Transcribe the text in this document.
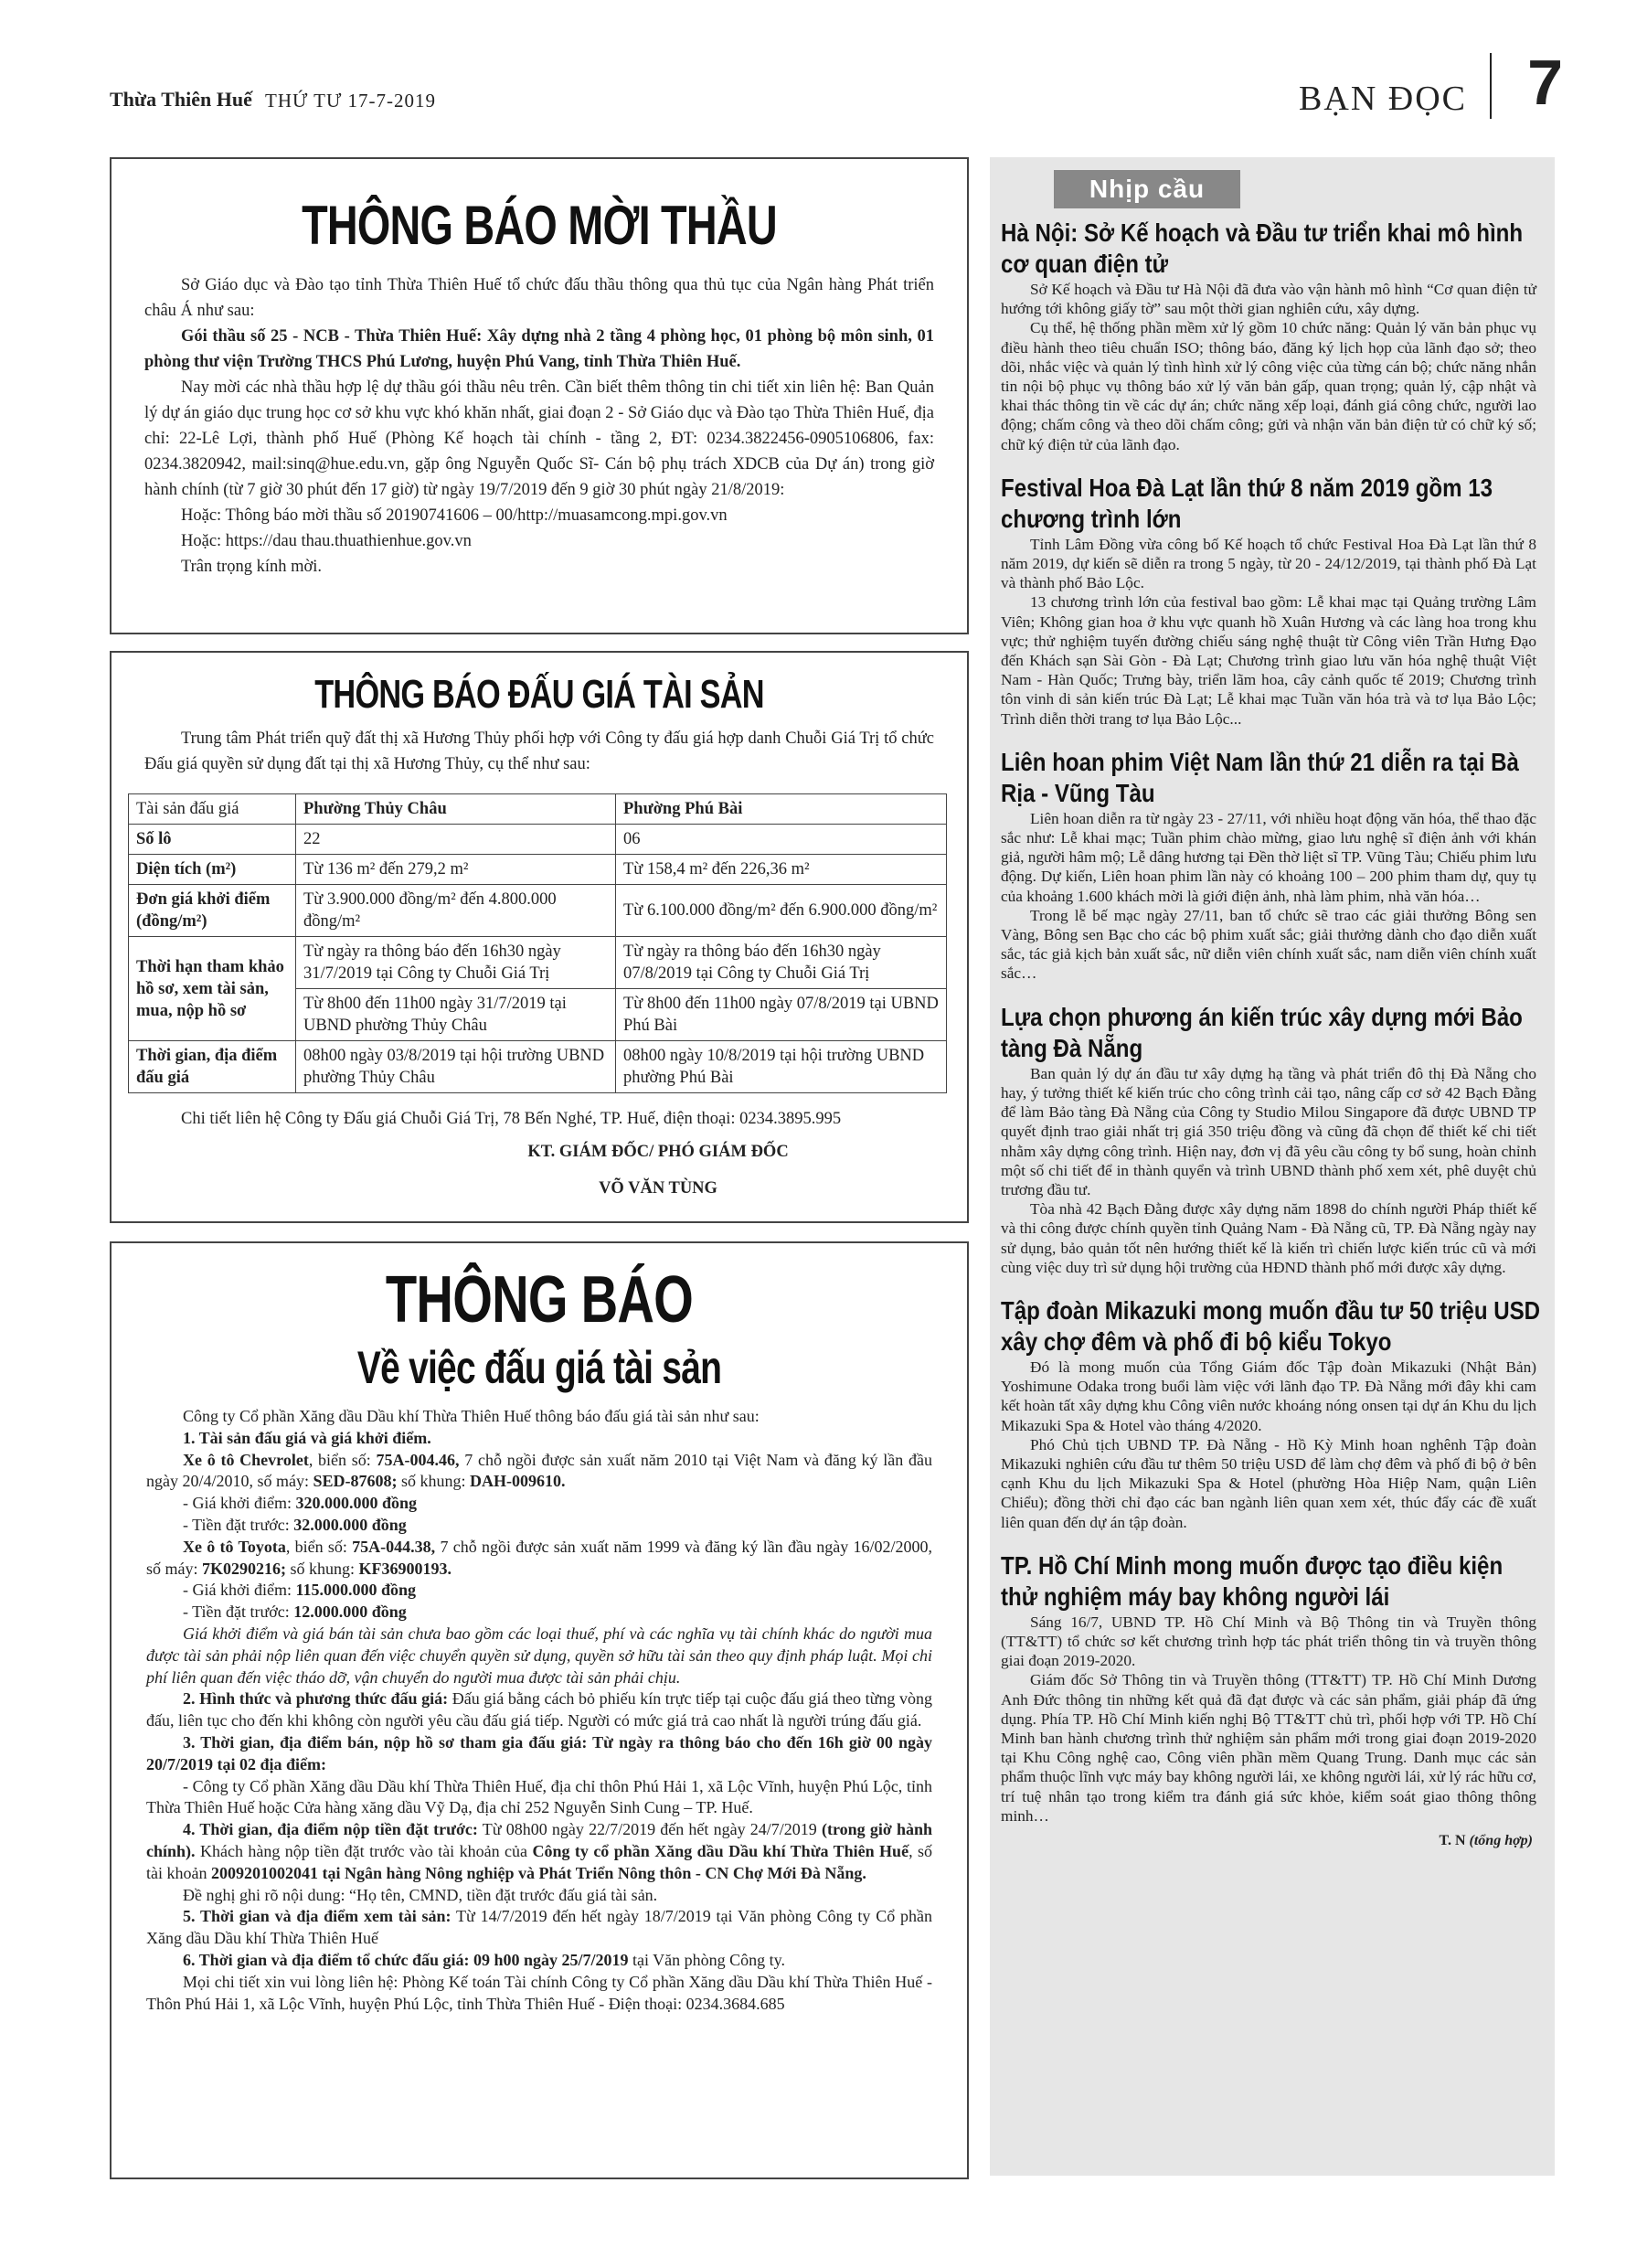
Thừa Thiên Huế THỨ TƯ 17-7-2019	BẠN ĐỌC 7
THÔNG BÁO MỜI THẦU

Sở Giáo dục và Đào tạo tỉnh Thừa Thiên Huế tổ chức đấu thầu thông qua thủ tục của Ngân hàng Phát triển châu Á như sau:

Gói thầu số 25 - NCB - Thừa Thiên Huế: Xây dựng nhà 2 tầng 4 phòng học, 01 phòng bộ môn sinh, 01 phòng thư viện Trường THCS Phú Lương, huyện Phú Vang, tỉnh Thừa Thiên Huế.

Nay mời các nhà thầu hợp lệ dự thầu gói thầu nêu trên. Cần biết thêm thông tin chi tiết xin liên hệ: Ban Quản lý dự án giáo dục trung học cơ sở khu vực khó khăn nhất, giai đoạn 2 - Sở Giáo dục và Đào tạo Thừa Thiên Huế, địa chỉ: 22-Lê Lợi, thành phố Huế (Phòng Kế hoạch tài chính - tầng 2, ĐT: 0234.3822456-0905106806, fax: 0234.3820942, mail:sinq@hue.edu.vn, gặp ông Nguyễn Quốc Sĩ- Cán bộ phụ trách XDCB của Dự án) trong giờ hành chính (từ 7 giờ 30 phút đến 17 giờ) từ ngày 19/7/2019 đến 9 giờ 30 phút ngày 21/8/2019:

Hoặc: Thông báo mời thầu số 20190741606 – 00/http://muasamcong.mpi.gov.vn

Hoặc: https://dau thau.thuathienhue.gov.vn

Trân trọng kính mời.

THÔNG BÁO ĐẤU GIÁ TÀI SẢN

Trung tâm Phát triển quỹ đất thị xã Hương Thủy phối hợp với Công ty đấu giá hợp danh Chuỗi Giá Trị tổ chức Đấu giá quyền sử dụng đất tại thị xã Hương Thủy, cụ thể như sau:

Tài sản đấu giá	Phường Thủy Châu	Phường Phú Bài
Số lô	22	06
Diện tích (m²)	Từ 136 m² đến 279,2 m²	Từ 158,4 m² đến 226,36 m²
Đơn giá khởi điểm (đồng/m²)	Từ 3.900.000 đồng/m² đến 4.800.000 đồng/m²	Từ 6.100.000 đồng/m² đến 6.900.000 đồng/m²
Thời hạn tham khảo hồ sơ, xem tài sản, mua, nộp hồ sơ	Từ ngày ra thông báo đến 16h30 ngày 31/7/2019 tại Công ty Chuỗi Giá Trị	Từ ngày ra thông báo đến 16h30 ngày 07/8/2019 tại Công ty Chuỗi Giá Trị
	Từ 8h00 đến 11h00 ngày 31/7/2019 tại UBND phường Thủy Châu	Từ 8h00 đến 11h00 ngày 07/8/2019 tại UBND Phú Bài
Thời gian, địa điểm đấu giá	08h00 ngày 03/8/2019 tại hội trường UBND phường Thủy Châu	08h00 ngày 10/8/2019 tại hội trường UBND phường Phú Bài
Chi tiết liên hệ Công ty Đấu giá Chuỗi Giá Trị, 78 Bến Nghé, TP. Huế, điện thoại: 0234.3895.995
KT. GIÁM ĐỐC/ PHÓ GIÁM ĐỐC
VÕ VĂN TÙNG
THÔNG BÁO
Về việc đấu giá tài sản

Công ty Cổ phần Xăng dầu Dầu khí Thừa Thiên Huế thông báo đấu giá tài sản như sau:

1. Tài sản đấu giá và giá khởi điểm.

Xe ô tô Chevrolet, biển số: 75A-004.46, 7 chỗ ngồi được sản xuất năm 2010 tại Việt Nam và đăng ký lần đầu ngày 20/4/2010, số máy: SED-87608; số khung: DAH-009610.

- Giá khởi điểm: 320.000.000 đồng

- Tiền đặt trước: 32.000.000 đồng

Xe ô tô Toyota, biển số: 75A-044.38, 7 chỗ ngồi được sản xuất năm 1999 và đăng ký lần đầu ngày 16/02/2000, số máy: 7K0290216; số khung: KF36900193.

- Giá khởi điểm: 115.000.000 đồng

- Tiền đặt trước: 12.000.000 đồng

Giá khởi điểm và giá bán tài sản chưa bao gồm các loại thuế, phí và các nghĩa vụ tài chính khác do người mua được tài sản phải nộp liên quan đến việc chuyển quyền sử dụng, quyền sở hữu tài sản theo quy định pháp luật. Mọi chi phí liên quan đến việc tháo dỡ, vận chuyển do người mua được tài sản phải chịu.

2. Hình thức và phương thức đấu giá: Đấu giá bằng cách bỏ phiếu kín trực tiếp tại cuộc đấu giá theo từng vòng đấu, liên tục cho đến khi không còn người yêu cầu đấu giá tiếp. Người có mức giá trả cao nhất là người trúng đấu giá.

3. Thời gian, địa điểm bán, nộp hồ sơ tham gia đấu giá: Từ ngày ra thông báo cho đến 16h giờ 00 ngày 20/7/2019 tại 02 địa điểm:

- Công ty Cổ phần Xăng dầu Dầu khí Thừa Thiên Huế, địa chỉ thôn Phú Hải 1, xã Lộc Vĩnh, huyện Phú Lộc, tỉnh Thừa Thiên Huế hoặc Cửa hàng xăng dầu Vỹ Dạ, địa chỉ 252 Nguyễn Sinh Cung – TP. Huế.

4. Thời gian, địa điểm nộp tiền đặt trước: Từ 08h00 ngày 22/7/2019 đến hết ngày 24/7/2019 (trong giờ hành chính). Khách hàng nộp tiền đặt trước vào tài khoản của Công ty cổ phần Xăng dầu Dầu khí Thừa Thiên Huế, số tài khoản 2009201002041 tại Ngân hàng Nông nghiệp và Phát Triển Nông thôn - CN Chợ Mới Đà Nẵng.

Đề nghị ghi rõ nội dung: “Họ tên, CMND, tiền đặt trước đấu giá tài sản.

5. Thời gian và địa điểm xem tài sản: Từ 14/7/2019 đến hết ngày 18/7/2019 tại Văn phòng Công ty Cổ phần Xăng dầu Dầu khí Thừa Thiên Huế

6. Thời gian và địa điểm tổ chức đấu giá: 09 h00 ngày 25/7/2019 tại Văn phòng Công ty.

Mọi chi tiết xin vui lòng liên hệ: Phòng Kế toán Tài chính Công ty Cổ phần Xăng dầu Dầu khí Thừa Thiên Huế - Thôn Phú Hải 1, xã Lộc Vĩnh, huyện Phú Lộc, tỉnh Thừa Thiên Huế - Điện thoại: 0234.3684.685

Nhịp cầu
Hà Nội: Sở Kế hoạch và Đầu tư triển khai mô hình cơ quan điện tử

Sở Kế hoạch và Đầu tư Hà Nội đã đưa vào vận hành mô hình “Cơ quan điện tử hướng tới không giấy tờ” sau một thời gian nghiên cứu, xây dựng.

Cụ thể, hệ thống phần mềm xử lý gồm 10 chức năng: Quản lý văn bản phục vụ điều hành theo tiêu chuẩn ISO; thông báo, đăng ký lịch họp của lãnh đạo sở; theo dõi, nhắc việc và quản lý tình hình xử lý công việc của từng cán bộ; chức năng nhắn tin nội bộ phục vụ thông báo xử lý văn bản gấp, quan trọng; quản lý, cập nhật và khai thác thông tin về các dự án; chức năng xếp loại, đánh giá công chức, người lao động; chấm công và theo dõi chấm công; gửi và nhận văn bản điện tử có chữ ký số; chữ ký điện tử của lãnh đạo.

Festival Hoa Đà Lạt lần thứ 8 năm 2019 gồm 13 chương trình lớn

Tỉnh Lâm Đồng vừa công bố Kế hoạch tổ chức Festival Hoa Đà Lạt lần thứ 8 năm 2019, dự kiến sẽ diễn ra trong 5 ngày, từ 20 - 24/12/2019, tại thành phố Đà Lạt và thành phố Bảo Lộc.

13 chương trình lớn của festival bao gồm: Lễ khai mạc tại Quảng trường Lâm Viên; Không gian hoa ở khu vực quanh hồ Xuân Hương và các làng hoa trong khu vực; thử nghiệm tuyến đường chiếu sáng nghệ thuật từ Công viên Trần Hưng Đạo đến Khách sạn Sài Gòn - Đà Lạt; Chương trình giao lưu văn hóa nghệ thuật Việt Nam - Hàn Quốc; Trưng bày, triển lãm hoa, cây cảnh quốc tế 2019; Chương trình tôn vinh di sản kiến trúc Đà Lạt; Lễ khai mạc Tuần văn hóa trà và tơ lụa Bảo Lộc; Trình diễn thời trang tơ lụa Bảo Lộc...

Liên hoan phim Việt Nam lần thứ 21 diễn ra tại Bà Rịa - Vũng Tàu

Liên hoan diễn ra từ ngày 23 - 27/11, với nhiều hoạt động văn hóa, thể thao đặc sắc như: Lễ khai mạc; Tuần phim chào mừng, giao lưu nghệ sĩ điện ảnh với khán giả, người hâm mộ; Lễ dâng hương tại Đền thờ liệt sĩ TP. Vũng Tàu; Chiếu phim lưu động. Dự kiến, Liên hoan phim lần này có khoảng 100 – 200 phim tham dự, quy tụ của khoảng 1.600 khách mời là giới điện ảnh, nhà làm phim, nhà văn hóa…

Trong lễ bế mạc ngày 27/11, ban tổ chức sẽ trao các giải thưởng Bông sen Vàng, Bông sen Bạc cho các bộ phim xuất sắc; giải thưởng dành cho đạo diễn xuất sắc, tác giả kịch bản xuất sắc, nữ diễn viên chính xuất sắc, nam diễn viên chính xuất sắc…

Lựa chọn phương án kiến trúc xây dựng mới Bảo tàng Đà Nẵng

Ban quản lý dự án đầu tư xây dựng hạ tầng và phát triển đô thị Đà Nẵng cho hay, ý tưởng thiết kế kiến trúc cho công trình cải tạo, nâng cấp cơ sở 42 Bạch Đằng để làm Bảo tàng Đà Nẵng của Công ty Studio Milou Singapore đã được UBND TP quyết định trao giải nhất trị giá 350 triệu đồng và cũng đã chọn để thiết kế chi tiết nhằm xây dựng công trình. Hiện nay, đơn vị đã yêu cầu công ty bổ sung, hoàn chỉnh một số chi tiết để in thành quyển và trình UBND thành phố xem xét, phê duyệt chủ trương đầu tư.

Tòa nhà 42 Bạch Đằng được xây dựng năm 1898 do chính người Pháp thiết kế và thi công được chính quyền tỉnh Quảng Nam - Đà Nẵng cũ, TP. Đà Nẵng ngày nay sử dụng, bảo quản tốt nên hướng thiết kế là kiến trì chiến lược kiến trúc cũ và mới cùng việc duy trì sử dụng hội trường của HĐND thành phố mới được xây dựng.

Tập đoàn Mikazuki mong muốn đầu tư 50 triệu USD xây chợ đêm và phố đi bộ kiểu Tokyo

Đó là mong muốn của Tổng Giám đốc Tập đoàn Mikazuki (Nhật Bản) Yoshimune Odaka trong buổi làm việc với lãnh đạo TP. Đà Nẵng mới đây khi cam kết hoàn tất xây dựng khu Công viên nước khoáng nóng onsen tại dự án Khu du lịch Mikazuki Spa & Hotel vào tháng 4/2020.

Phó Chủ tịch UBND TP. Đà Nẵng - Hồ Kỳ Minh hoan nghênh Tập đoàn Mikazuki nghiên cứu đầu tư thêm 50 triệu USD để làm chợ đêm và phố đi bộ ở bên cạnh Khu du lịch Mikazuki Spa & Hotel (phường Hòa Hiệp Nam, quận Liên Chiểu); đồng thời chỉ đạo các ban ngành liên quan xem xét, thúc đẩy các đề xuất liên quan đến dự án tập đoàn.

TP. Hồ Chí Minh mong muốn được tạo điều kiện thử nghiệm máy bay không người lái

Sáng 16/7, UBND TP. Hồ Chí Minh và Bộ Thông tin và Truyền thông (TT&TT) tổ chức sơ kết chương trình hợp tác phát triển thông tin và truyền thông giai đoạn 2019-2020.

Giám đốc Sở Thông tin và Truyền thông (TT&TT) TP. Hồ Chí Minh Dương Anh Đức thông tin những kết quả đã đạt được và các sản phẩm, giải pháp đã ứng dụng. Phía TP. Hồ Chí Minh kiến nghị Bộ TT&TT chủ trì, phối hợp với TP. Hồ Chí Minh ban hành chương trình thử nghiệm sản phẩm mới trong giai đoạn 2019-2020 tại Khu Công nghệ cao, Công viên phần mềm Quang Trung. Danh mục các sản phẩm thuộc lĩnh vực máy bay không người lái, xe không người lái, xử lý rác hữu cơ, trí tuệ nhân tạo trong kiểm tra đánh giá sức khỏe, kiểm soát giao thông thông minh…

T. N (tổng hợp)
